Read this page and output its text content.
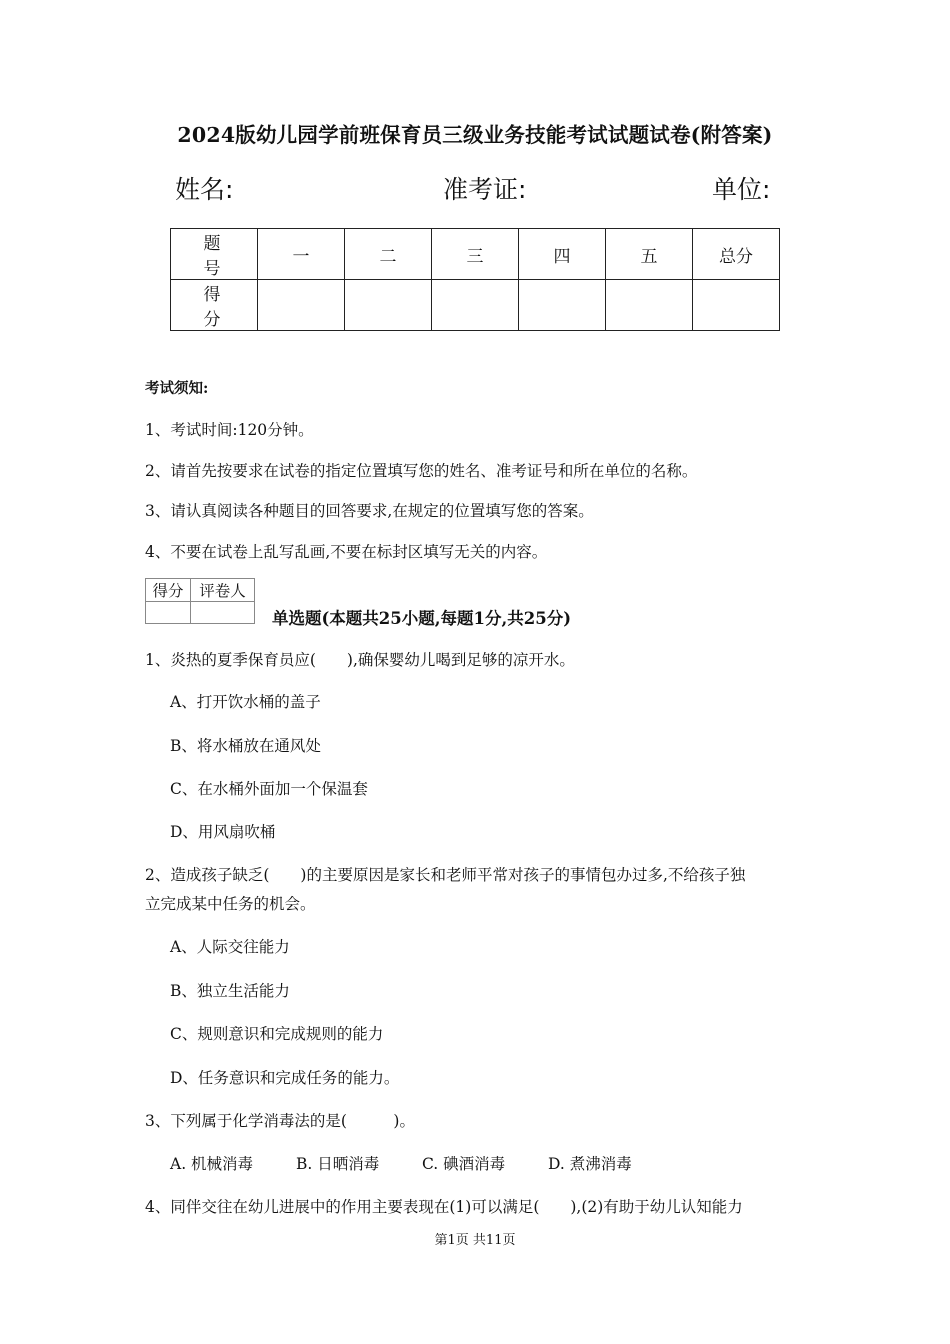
2024版幼儿园学前班保育员三级业务技能考试试题试卷(附答案)
姓名:	准考证:	单位:
题　号	一	二	三	四	五	总分
得　分						
考试须知:
1、考试时间:120分钟。
2、请首先按要求在试卷的指定位置填写您的姓名、准考证号和所在单位的名称。
3、请认真阅读各种题目的回答要求,在规定的位置填写您的答案。
4、不要在试卷上乱写乱画,不要在标封区填写无关的内容。
得分	评卷人

单选题(本题共25小题,每题1分,共25分)
1、炎热的夏季保育员应(　　),确保婴幼儿喝到足够的凉开水。
A、打开饮水桶的盖子
B、将水桶放在通风处
C、在水桶外面加一个保温套
D、用风扇吹桶
2、造成孩子缺乏(　　)的主要原因是家长和老师平常对孩子的事情包办过多,不给孩子独
立完成某中任务的机会。
A、人际交往能力
B、独立生活能力
C、规则意识和完成规则的能力
D、任务意识和完成任务的能力。
3、下列属于化学消毒法的是(　　　)。
A. 机械消毒	B. 日晒消毒	C. 碘酒消毒	D. 煮沸消毒
4、同伴交往在幼儿进展中的作用主要表现在(1)可以满足(　　),(2)有助于幼儿认知能力
第1页 共11页
